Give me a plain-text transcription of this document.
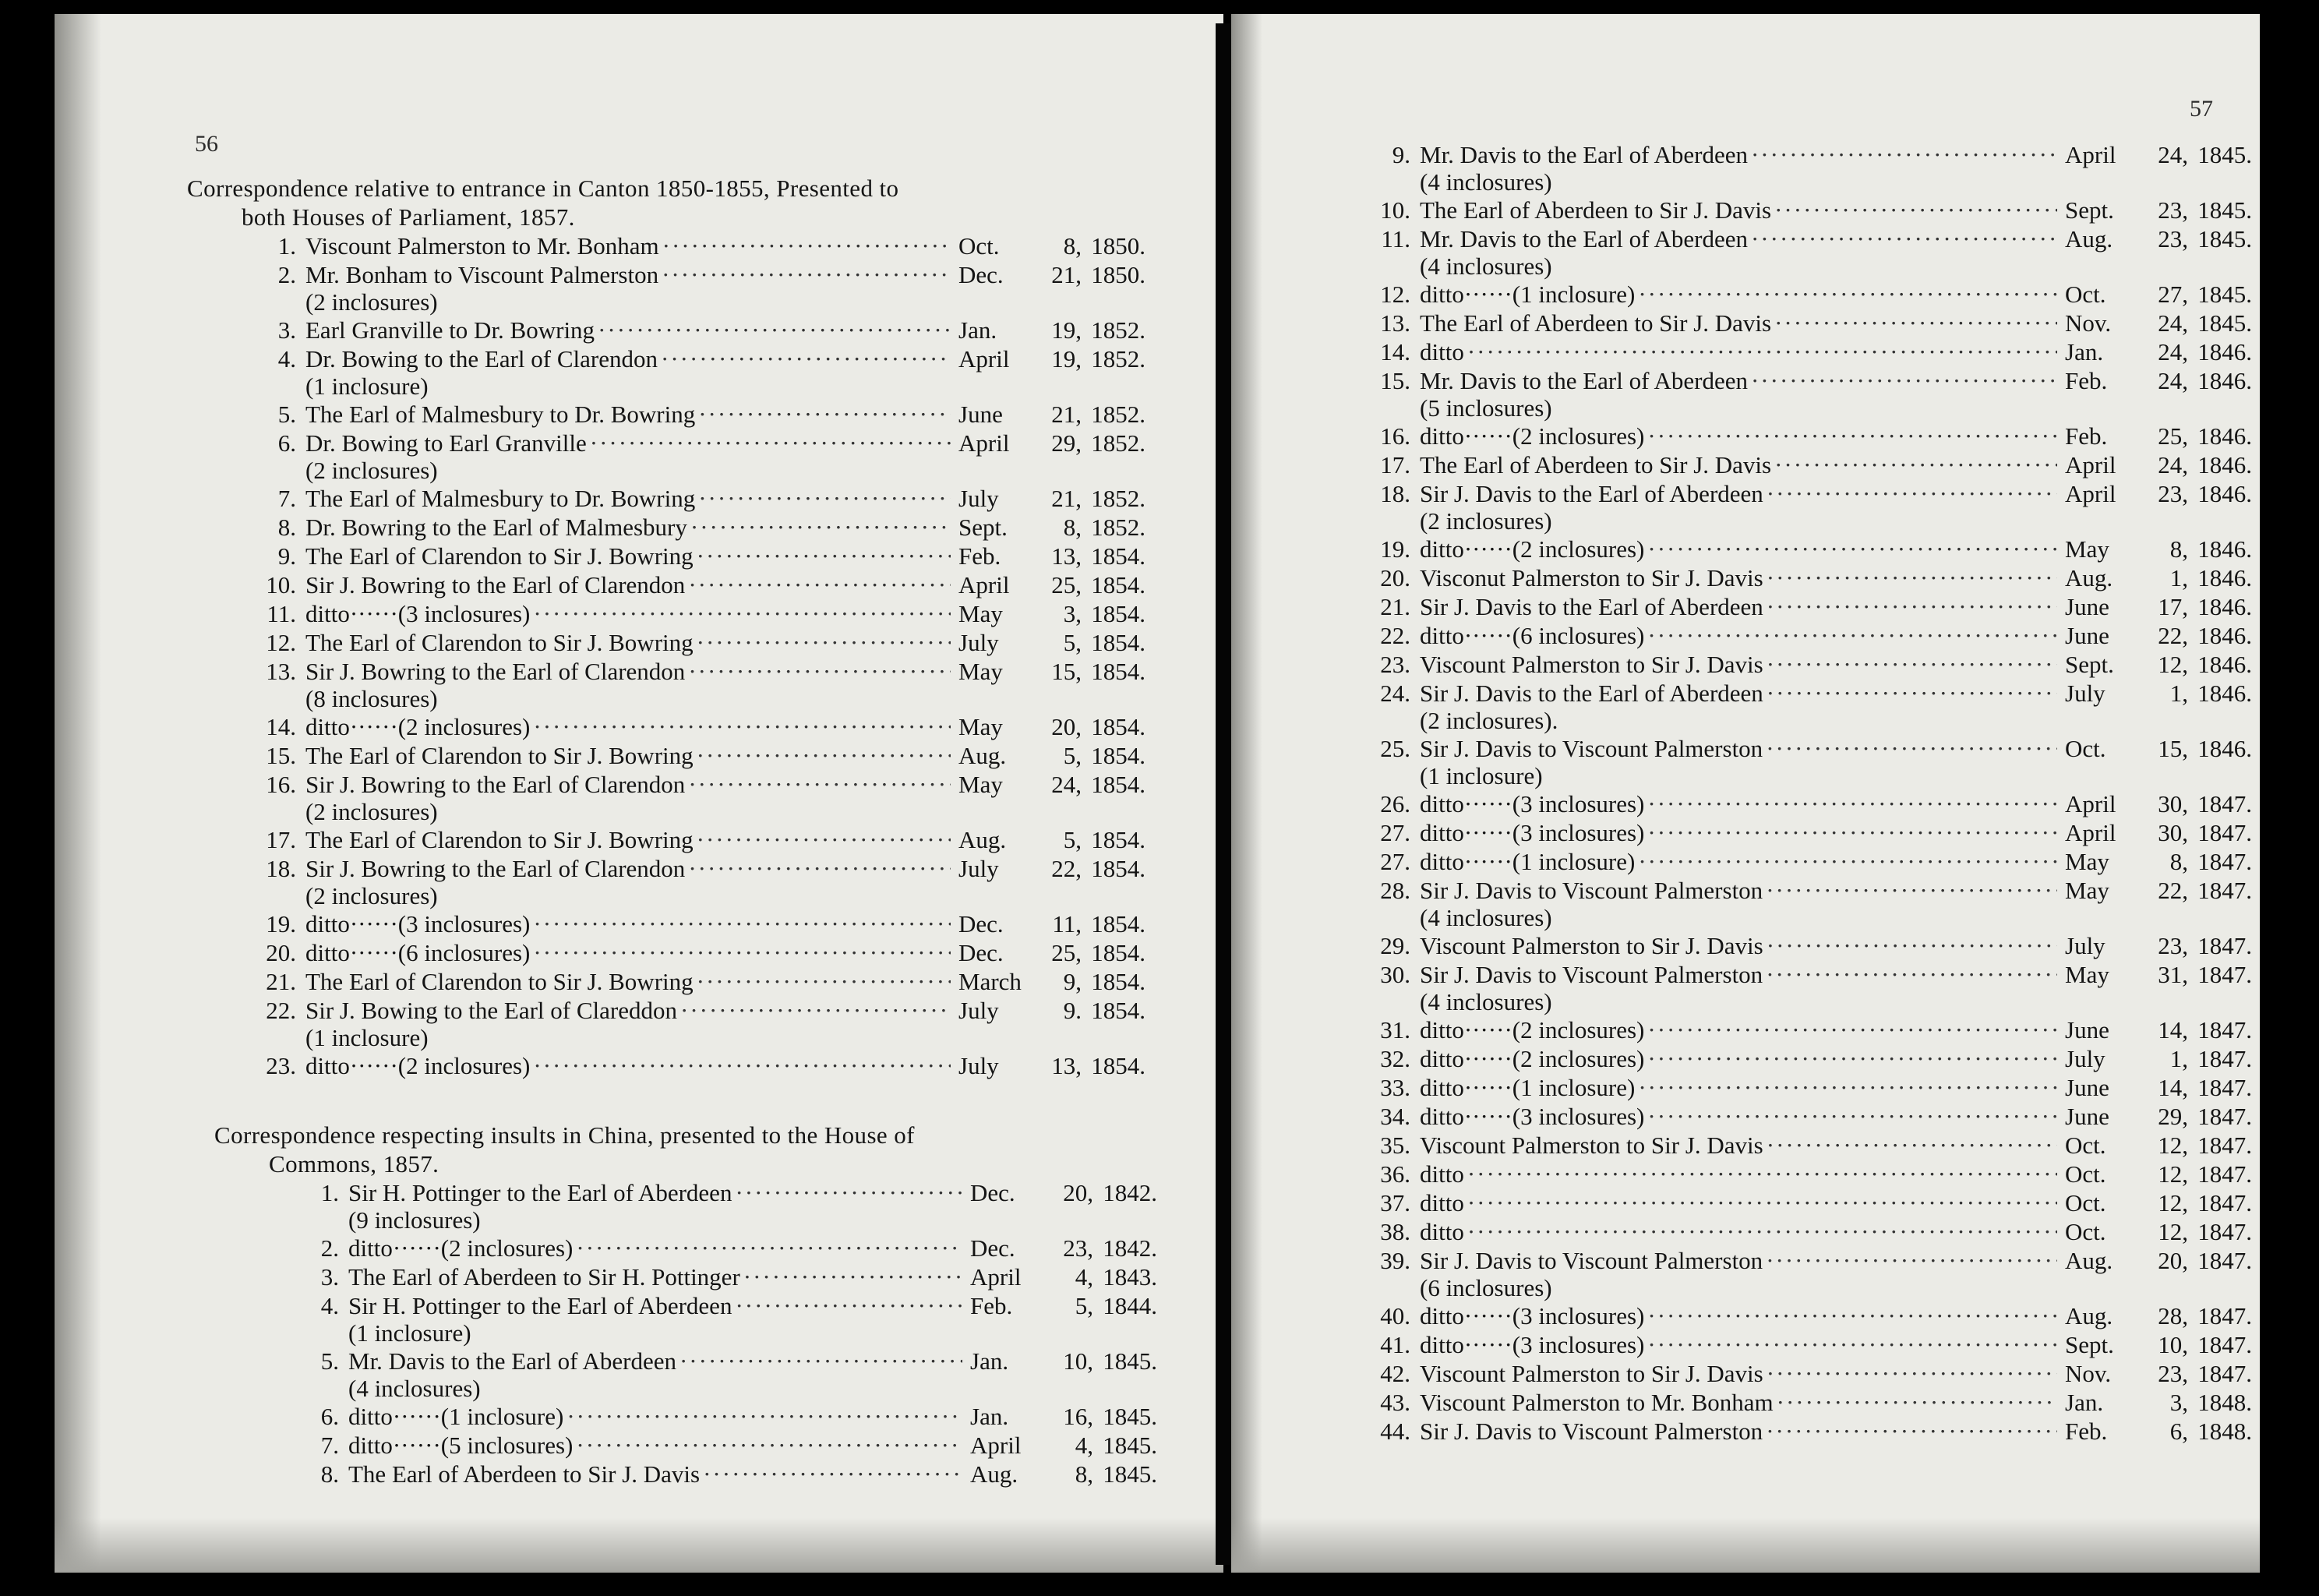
56

Correspondence relative to entrance in Canton 1850-1855, Presented to
both Houses of Parliament, 1857.

1. Viscount Palmerston to Mr. Bonham ·····	Oct.	8, 1850.
2. Mr. Bonham to Viscount Palmerston ·····	Dec.	21, 1850.
(2 inclosures)
3. Earl Granville to Dr. Bowring ·····	Jan.	19, 1852.
4. Dr. Bowing to the Earl of Clarendon ·····	April	19, 1852.
(1 inclosure)
5. The Earl of Malmesbury to Dr. Bowring ·····	June	21, 1852.
6. Dr. Bowing to Earl Granville ·····	April	29, 1852.
(2 inclosures)
7. The Earl of Malmesbury to Dr. Bowring ·····	July	21, 1852.
8. Dr. Bowring to the Earl of Malmesbury ·····	Sept.	8, 1852.
9. The Earl of Clarendon to Sir J. Bowring ·····	Feb.	13, 1854.
10. Sir J. Bowring to the Earl of Clarendon ·····	April	25, 1854.
11. ditto······(3 inclosures) ·····	May	3, 1854.
12. The Earl of Clarendon to Sir J. Bowring ·····	July	5, 1854.
13. Sir J. Bowring to the Earl of Clarendon ·····	May	15, 1854.
(8 inclosures)
14. ditto······(2 inclosures) ·····	May	20, 1854.
15. The Earl of Clarendon to Sir J. Bowring ·····	Aug.	5, 1854.
16. Sir J. Bowring to the Earl of Clarendon ·····	May	24, 1854.
(2 inclosures)
17. The Earl of Clarendon to Sir J. Bowring ·····	Aug.	5, 1854.
18. Sir J. Bowring to the Earl of Clarendon ·····	July	22, 1854.
(2 inclosures)
19. ditto······(3 inclosures) ·····	Dec.	11, 1854.
20. ditto······(6 inclosures) ·····	Dec.	25, 1854.
21. The Earl of Clarendon to Sir J. Bowring ·····	March	9, 1854.
22. Sir J. Bowing to the Earl of Clareddon ·····	July	9. 1854.
(1 inclosure)
23. ditto······(2 inclosures) ·····	July	13, 1854.

Correspondence respecting insults in China, presented to the House of
Commons, 1857.

1. Sir H. Pottinger to the Earl of Aberdeen ·····	Dec.	20, 1842.
(9 inclosures)
2. ditto······(2 inclosures) ·····	Dec.	23, 1842.
3. The Earl of Aberdeen to Sir H. Pottinger ·····	April	4, 1843.
4. Sir H. Pottinger to the Earl of Aberdeen ·····	Feb.	5, 1844.
(1 inclosure)
5. Mr. Davis to the Earl of Aberdeen ·····	Jan.	10, 1845.
(4 inclosures)
6. ditto······(1 inclosure) ·····	Jan.	16, 1845.
7. ditto······(5 inclosures) ·····	April	4, 1845.
8. The Earl of Aberdeen to Sir J. Davis ·····	Aug.	8, 1845.
57
9. Mr. Davis to the Earl of Aberdeen ·····	April	24, 1845.
(4 inclosures)
10. The Earl of Aberdeen to Sir J. Davis ·····	Sept.	23, 1845.
11. Mr. Davis to the Earl of Aberdeen ·····	Aug.	23, 1845.
(4 inclosures)
12. ditto······(1 inclosure) ·····	Oct.	27, 1845.
13. The Earl of Aberdeen to Sir J. Davis ·····	Nov.	24, 1845.
14. ditto ·····	Jan.	24, 1846.
15. Mr. Davis to the Earl of Aberdeen ·····	Feb.	24, 1846.
(5 inclosures)
16. ditto······(2 inclosures) ·····	Feb.	25, 1846.
17. The Earl of Aberdeen to Sir J. Davis ·····	April	24, 1846.
18. Sir J. Davis to the Earl of Aberdeen ·····	April	23, 1846.
(2 inclosures)
19. ditto······(2 inclosures) ·····	May	8, 1846.
20. Visconut Palmerston to Sir J. Davis ·····	Aug.	1, 1846.
21. Sir J. Davis to the Earl of Aberdeen ·····	June	17, 1846.
22. ditto······(6 inclosures) ·····	June	22, 1846.
23. Viscount Palmerston to Sir J. Davis ·····	Sept.	12, 1846.
24. Sir J. Davis to the Earl of Aberdeen ·····	July	1, 1846.
(2 inclosures).
25. Sir J. Davis to Viscount Palmerston ·····	Oct.	15, 1846.
(1 inclosure)
26. ditto······(3 inclosures) ·····	April	30, 1847.
27. ditto······(3 inclosures) ·····	April	30, 1847.
27. ditto······(1 inclosure) ·····	May	8, 1847.
28. Sir J. Davis to Viscount Palmerston ·····	May	22, 1847.
(4 inclosures)
29. Viscount Palmerston to Sir J. Davis ·····	July	23, 1847.
30. Sir J. Davis to Viscount Palmerston ·····	May	31, 1847.
(4 inclosures)
31. ditto······(2 inclosures) ·····	June	14, 1847.
32. ditto······(2 inclosures) ·····	July	1, 1847.
33. ditto······(1 inclosure) ·····	June	14, 1847.
34. ditto······(3 inclosures) ·····	June	29, 1847.
35. Viscount Palmerston to Sir J. Davis ·····	Oct.	12, 1847.
36. ditto ·····	Oct.	12, 1847.
37. ditto ·····	Oct.	12, 1847.
38. ditto ·····	Oct.	12, 1847.
39. Sir J. Davis to Viscount Palmerston ·····	Aug.	20, 1847.
(6 inclosures)
40. ditto······(3 inclosures) ·····	Aug.	28, 1847.
41. ditto······(3 inclosures) ·····	Sept.	10, 1847.
42. Viscount Palmerston to Sir J. Davis ·····	Nov.	23, 1847.
43. Viscount Palmerston to Mr. Bonham ·····	Jan.	3, 1848.
44. Sir J. Davis to Viscount Palmerston ·····	Feb.	6, 1848.
